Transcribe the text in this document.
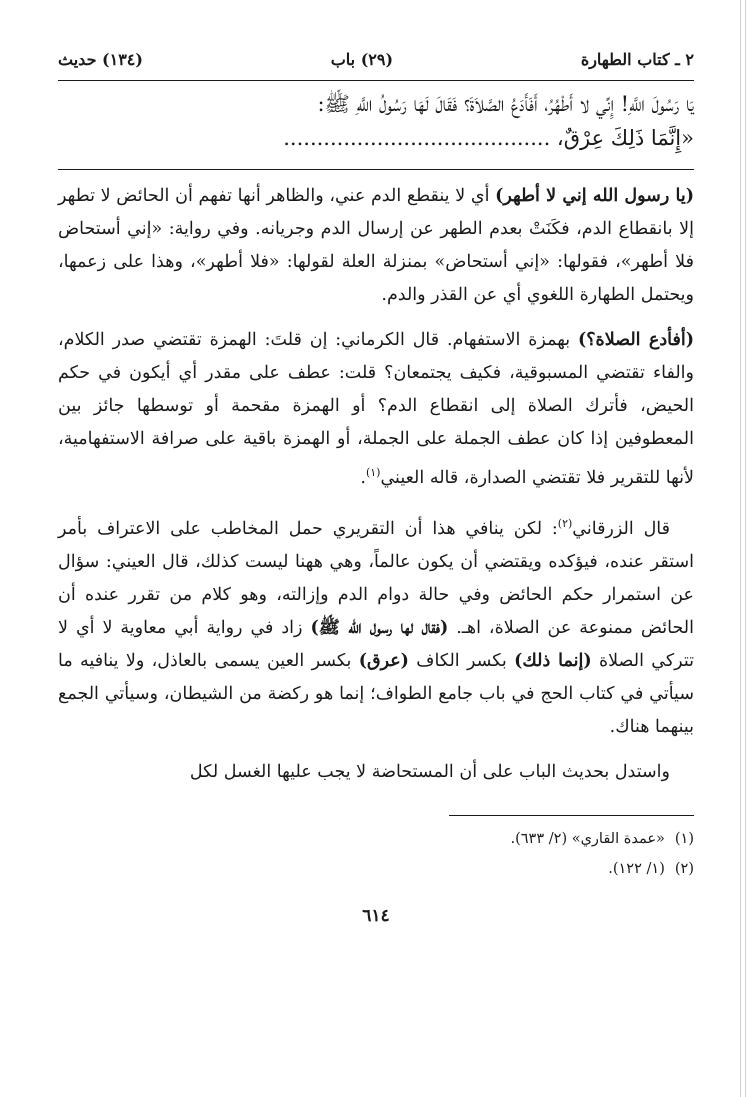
٢ ـ كتاب الطهارة
(٢٩) باب
(١٣٤) حديث
يَا رَسُولَ اللَّهِ! إِنِّي لا أَطْهُرُ، أَفَأَدَعُ الصَّلاَةَ؟ فَقَالَ لَهَا رَسُولُ اللَّهِ ﷺ:
«إِنَّمَا ذَلِكَ عِرْقٌ، ........................................

(يا رسول الله إني لا أطهر) أي لا ينقطع الدم عني، والظاهر أنها تفهم أن الحائض لا تطهر إلا بانقطاع الدم، فكَنَتْ بعدم الطهر عن إرسال الدم وجريانه. وفي رواية: «إني أستحاض فلا أطهر»، فقولها: «إني أستحاض» بمنزلة العلة لقولها: «فلا أطهر»، وهذا على زعمها، ويحتمل الطهارة اللغوي أي عن القذر والدم.

(أفأدع الصلاة؟) بهمزة الاستفهام. قال الكرماني: إن قلتَ: الهمزة تقتضي صدر الكلام، والفاء تقتضي المسبوقية، فكيف يجتمعان؟ قلت: عطف على مقدر أي أيكون في حكم الحيض، فأترك الصلاة إلى انقطاع الدم؟ أو الهمزة مقحمة أو توسطها جائز بين المعطوفين إذا كان عطف الجملة على الجملة، أو الهمزة باقية على صرافة الاستفهامية، لأنها للتقرير فلا تقتضي الصدارة، قاله العيني$^{(١)}$.

قال الزرقاني$^{(٢)}$: لكن ينافي هذا أن التقريري حمل المخاطب على الاعتراف بأمر استقر عنده، فيؤكده ويقتضي أن يكون عالماً، وهي ههنا ليست كذلك، قال العيني: سؤال عن استمرار حكم الحائض وفي حالة دوام الدم وإزالته، وهو كلام من تقرر عنده أن الحائض ممنوعة عن الصلاة، اهـ. (فقال لها رسول الله ﷺ) زاد في رواية أبي معاوية لا أي لا تتركي الصلاة (إنما ذلك) بكسر الكاف (عرق) بكسر العين يسمى بالعاذل، ولا ينافيه ما سيأتي في كتاب الحج في باب جامع الطواف؛ إنما هو ركضة من الشيطان، وسيأتي الجمع بينهما هناك.

واستدل بحديث الباب على أن المستحاضة لا يجب عليها الغسل لكل

(١)«عمدة القاري» (٢/ ٦٣٣).

(٢)(١/ ١٢٢).

٦١٤
